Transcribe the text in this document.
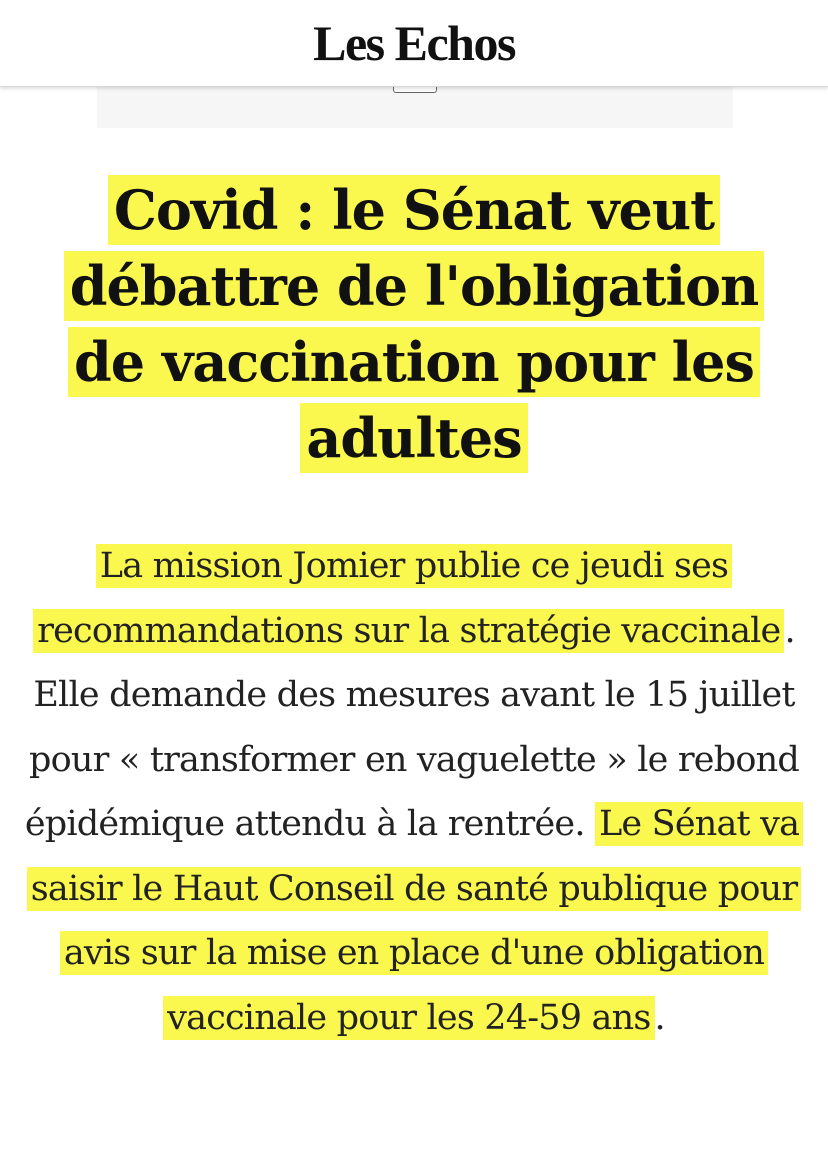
Les Echos
Covid : le Sénat veut débattre de l'obligation de vaccination pour les adultes

La mission Jomier publie ce jeudi ses recommandations sur la stratégie vaccinale . Elle demande des mesures avant le 15 juillet pour « transformer en vaguelette » le rebond épidémique attendu à la rentrée. Le Sénat va saisir le Haut Conseil de santé publique pour avis sur la mise en place d'une obligation vaccinale pour les 24-59 ans .
